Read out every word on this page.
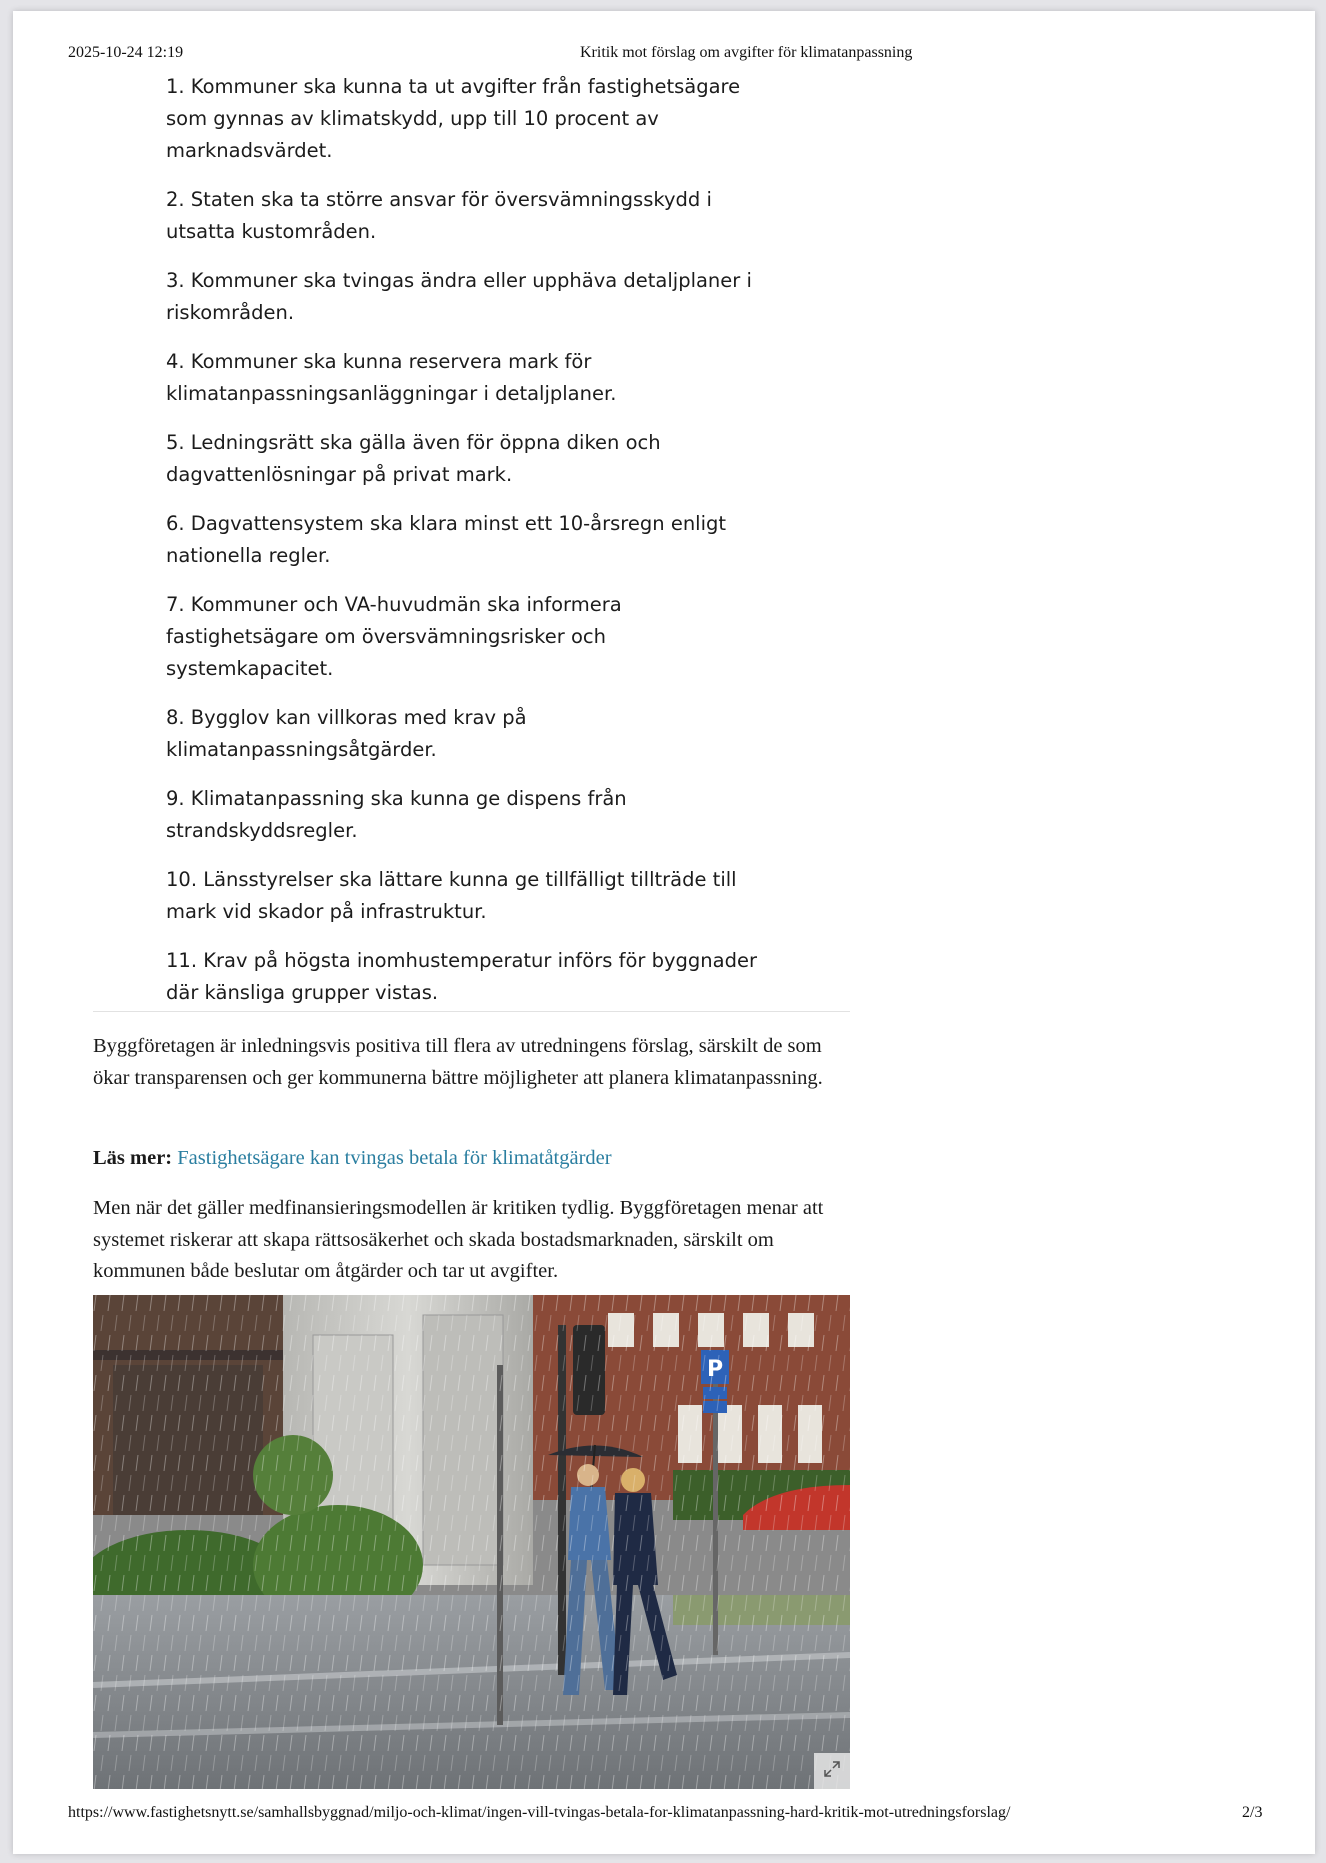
2025-10-24 12:19	Kritik mot förslag om avgifter för klimatanpassning

1. Kommuner ska kunna ta ut avgifter från fastighetsägare som gynnas av klimatskydd, upp till 10 procent av marknadsvärdet.

2. Staten ska ta större ansvar för översvämningsskydd i utsatta kustområden.

3. Kommuner ska tvingas ändra eller upphäva detaljplaner i riskområden.

4. Kommuner ska kunna reservera mark för klimatanpassningsanläggningar i detaljplaner.

5. Ledningsrätt ska gälla även för öppna diken och dagvattenlösningar på privat mark.

6. Dagvattensystem ska klara minst ett 10-årsregn enligt nationella regler.

7. Kommuner och VA-huvudmän ska informera fastighetsägare om översvämningsrisker och systemkapacitet.

8. Bygglov kan villkoras med krav på klimatanpassningsåtgärder.

9. Klimatanpassning ska kunna ge dispens från strandskyddsregler.

10. Länsstyrelser ska lättare kunna ge tillfälligt tillträde till mark vid skador på infrastruktur.

11. Krav på högsta inomhustemperatur införs för byggnader där känsliga grupper vistas.

Byggföretagen är inledningsvis positiva till flera av utredningens förslag, särskilt de som ökar transparensen och ger kommunerna bättre möjligheter att planera klimatanpassning.

Läs mer: Fastighetsägare kan tvingas betala för klimatåtgärder

Men när det gäller medfinansieringsmodellen är kritiken tydlig. Byggföretagen menar att systemet riskerar att skapa rättsosäkerhet och skada bostadsmarknaden, särskilt om kommunen både beslutar om åtgärder och tar ut avgifter.

https://www.fastighetsnytt.se/samhallsbyggnad/miljo-och-klimat/ingen-vill-tvingas-betala-for-klimatanpassning-hard-kritik-mot-utredningsforslag/	2/3
